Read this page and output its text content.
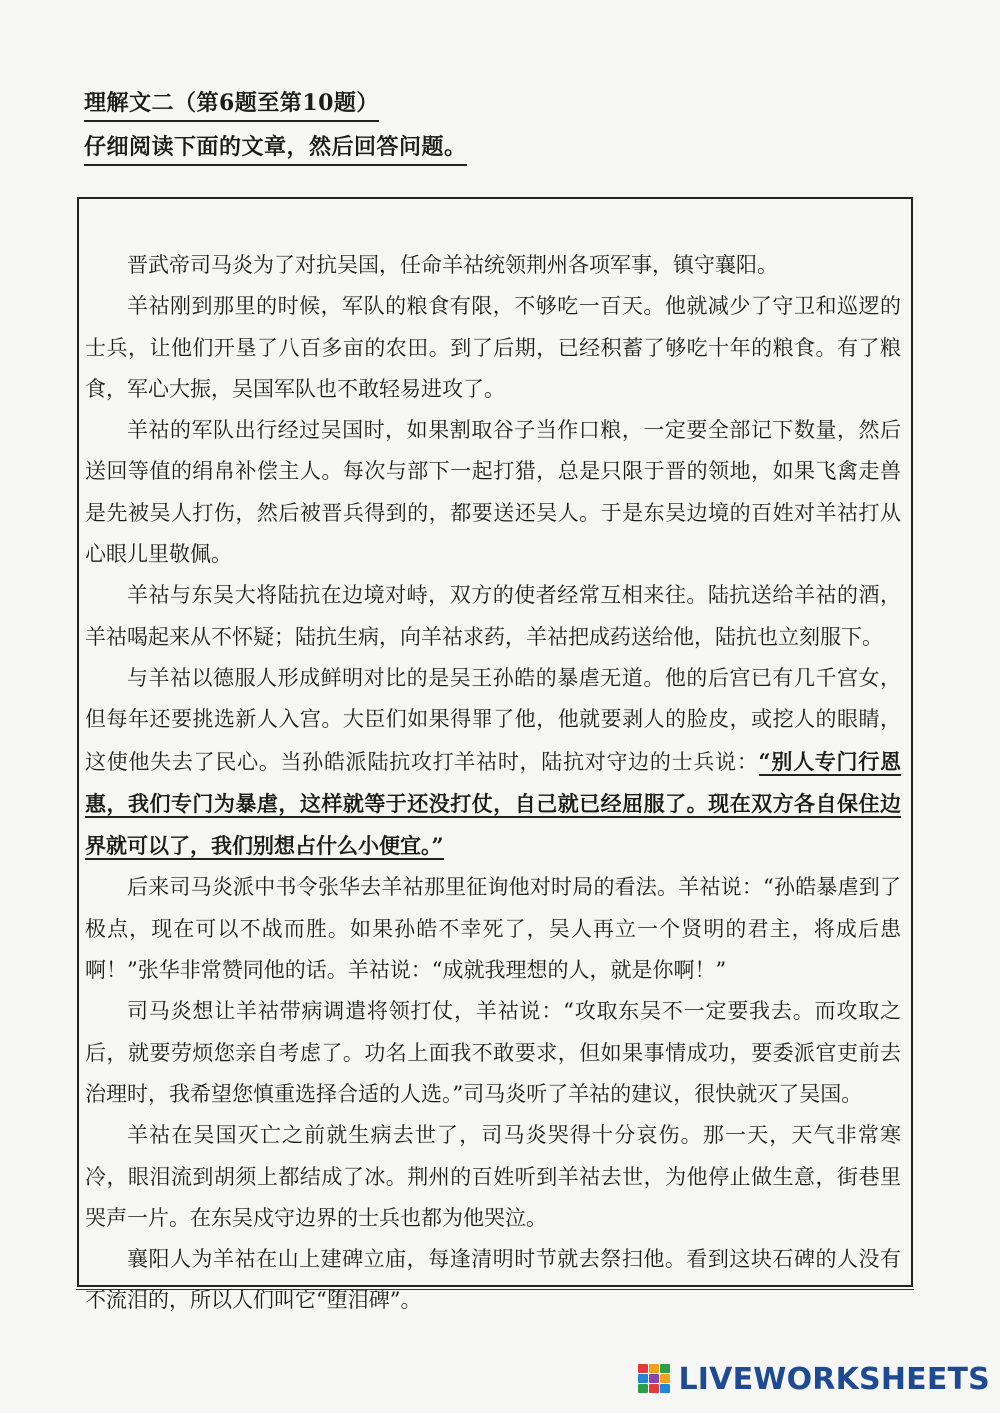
理解文二（第6题至第10题）
仔细阅读下面的文章，然后回答问题。

晋武帝司马炎为了对抗吴国，任命羊祜统领荆州各项军事，镇守襄阳。

羊祜刚到那里的时候，军队的粮食有限，不够吃一百天。他就减少了守卫和巡逻的士兵，让他们开垦了八百多亩的农田。到了后期，已经积蓄了够吃十年的粮食。有了粮食，军心大振，吴国军队也不敢轻易进攻了。

羊祜的军队出行经过吴国时，如果割取谷子当作口粮，一定要全部记下数量，然后送回等值的绢帛补偿主人。每次与部下一起打猎，总是只限于晋的领地，如果飞禽走兽是先被吴人打伤，然后被晋兵得到的，都要送还吴人。于是东吴边境的百姓对羊祜打从心眼儿里敬佩。

羊祜与东吴大将陆抗在边境对峙，双方的使者经常互相来往。陆抗送给羊祜的酒，羊祜喝起来从不怀疑；陆抗生病，向羊祜求药，羊祜把成药送给他，陆抗也立刻服下。

与羊祜以德服人形成鲜明对比的是吴王孙皓的暴虐无道。他的后宫已有几千宫女，但每年还要挑选新人入宫。大臣们如果得罪了他，他就要剥人的脸皮，或挖人的眼睛，这使他失去了民心。当孙皓派陆抗攻打羊祜时，陆抗对守边的士兵说：“别人专门行恩惠，我们专门为暴虐，这样就等于还没打仗，自己就已经屈服了。现在双方各自保住边界就可以了，我们别想占什么小便宜。”

后来司马炎派中书令张华去羊祜那里征询他对时局的看法。羊祜说：“孙皓暴虐到了极点，现在可以不战而胜。如果孙皓不幸死了，吴人再立一个贤明的君主，将成后患啊！”张华非常赞同他的话。羊祜说：“成就我理想的人，就是你啊！”

司马炎想让羊祜带病调遣将领打仗，羊祜说：“攻取东吴不一定要我去。而攻取之后，就要劳烦您亲自考虑了。功名上面我不敢要求，但如果事情成功，要委派官吏前去治理时，我希望您慎重选择合适的人选。”司马炎听了羊祜的建议，很快就灭了吴国。

羊祜在吴国灭亡之前就生病去世了，司马炎哭得十分哀伤。那一天，天气非常寒冷，眼泪流到胡须上都结成了冰。荆州的百姓听到羊祜去世，为他停止做生意，街巷里哭声一片。在东吴戍守边界的士兵也都为他哭泣。

襄阳人为羊祜在山上建碑立庙，每逢清明时节就去祭扫他。看到这块石碑的人没有不流泪的，所以人们叫它“堕泪碑”。

LIVEWORKSHEETS
